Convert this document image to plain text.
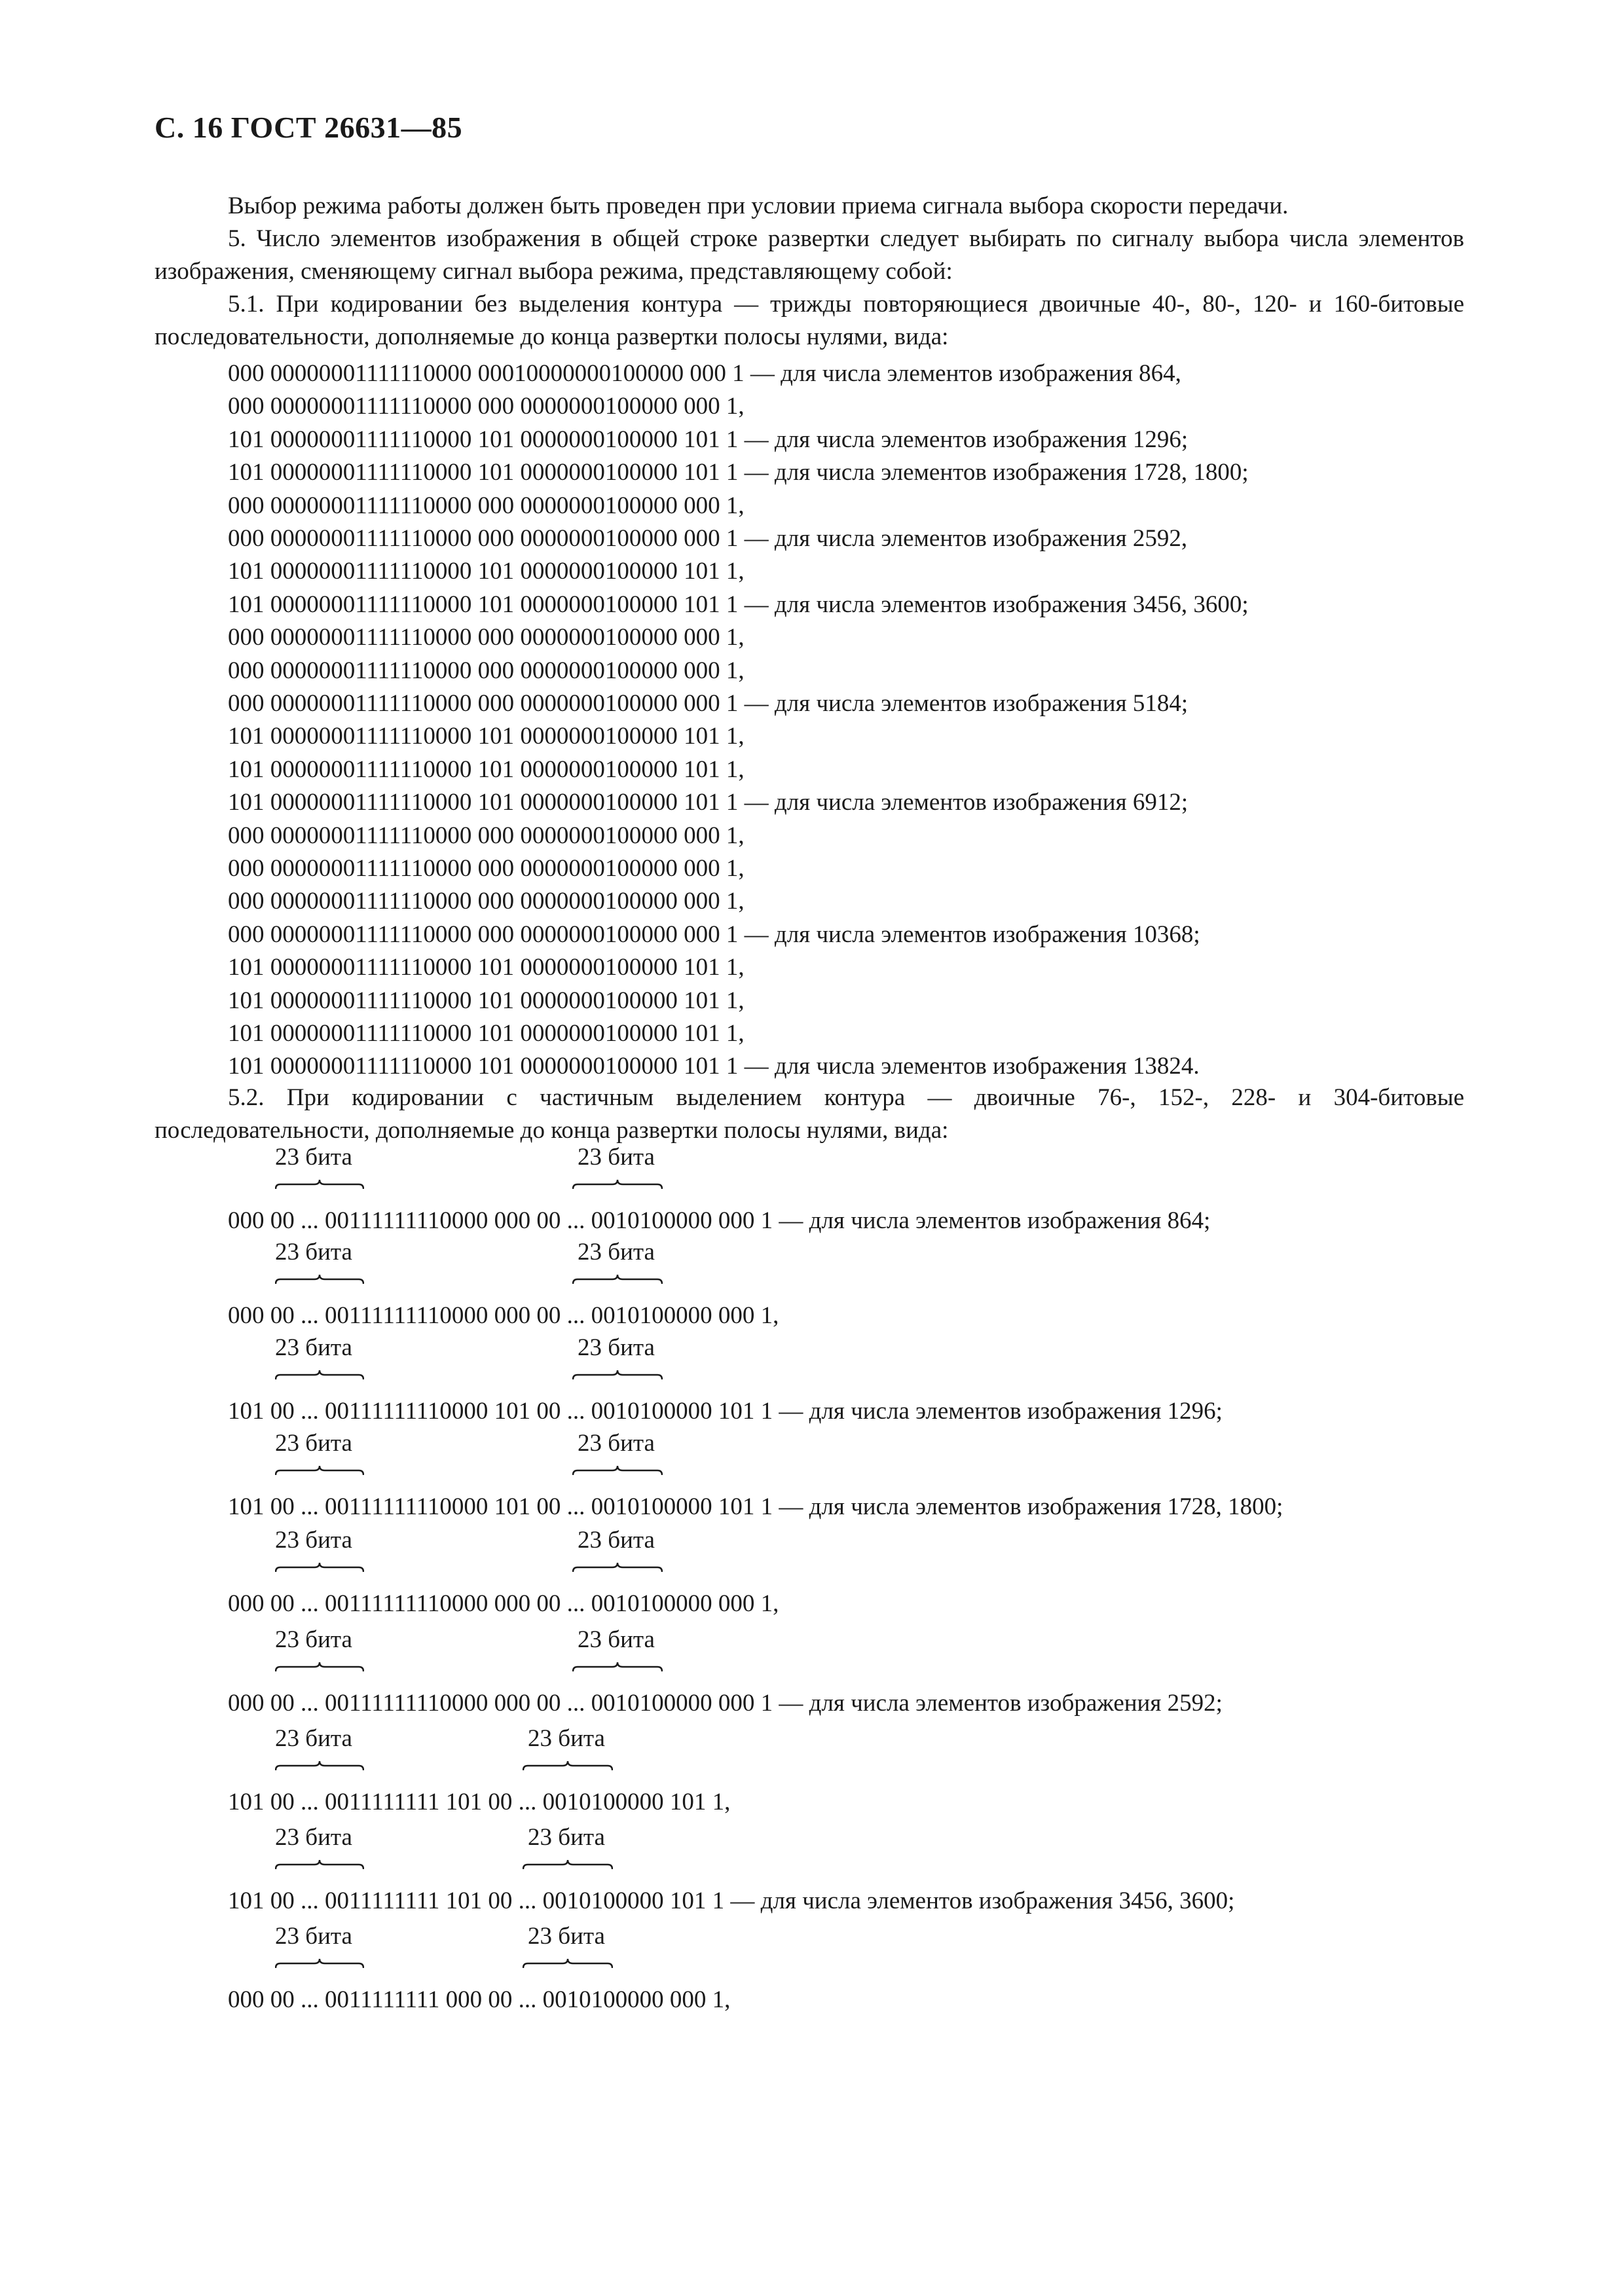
С. 16 ГОСТ 26631—85
Выбор режима работы должен быть проведен при условии приема сигнала выбора скорости передачи.
5. Число элементов изображения в общей строке развертки следует выбирать по сигналу выбора числа элементов изображения, сменяющему сигнал выбора режима, представляющему собой:
5.1. При кодировании без выделения контура — трижды повторяющиеся двоичные 40-, 80-, 120- и 160-битовые последовательности, дополняемые до конца развертки полосы нулями, вида:
000 00000001111110000 00010000000100000 000 1 — для числа элементов изображения 864,
000 00000001111110000 000 0000000100000 000 1,
101 00000001111110000 101 0000000100000 101 1 — для числа элементов изображения 1296;
101 00000001111110000 101 0000000100000 101 1 — для числа элементов изображения 1728, 1800;
000 00000001111110000 000 0000000100000 000 1,
000 00000001111110000 000 0000000100000 000 1 — для числа элементов изображения 2592,
101 00000001111110000 101 0000000100000 101 1,
101 00000001111110000 101 0000000100000 101 1 — для числа элементов изображения 3456, 3600;
000 00000001111110000 000 0000000100000 000 1,
000 00000001111110000 000 0000000100000 000 1,
000 00000001111110000 000 0000000100000 000 1 — для числа элементов изображения 5184;
101 00000001111110000 101 0000000100000 101 1,
101 00000001111110000 101 0000000100000 101 1,
101 00000001111110000 101 0000000100000 101 1 — для числа элементов изображения 6912;
000 00000001111110000 000 0000000100000 000 1,
000 00000001111110000 000 0000000100000 000 1,
000 00000001111110000 000 0000000100000 000 1,
000 00000001111110000 000 0000000100000 000 1 — для числа элементов изображения 10368;
101 00000001111110000 101 0000000100000 101 1,
101 00000001111110000 101 0000000100000 101 1,
101 00000001111110000 101 0000000100000 101 1,
101 00000001111110000 101 0000000100000 101 1 — для числа элементов изображения 13824.
5.2. При кодировании с частичным выделением контура — двоичные 76-, 152-, 228- и 304-битовые последовательности, дополняемые до конца развертки полосы нулями, вида:
23 бита	23 бита
000 00 ... 00111111110000 000 00 ... 0010100000 000 1 — для числа элементов изображения 864;
23 бита	23 бита
000 00 ... 00111111110000 000 00 ... 0010100000 000 1,
23 бита	23 бита
101 00 ... 00111111110000 101 00 ... 0010100000 101 1 — для числа элементов изображения 1296;
23 бита	23 бита
101 00 ... 00111111110000 101 00 ... 0010100000 101 1 — для числа элементов изображения 1728, 1800;
23 бита	23 бита
000 00 ... 00111111110000 000 00 ... 0010100000 000 1,
23 бита	23 бита
000 00 ... 00111111110000 000 00 ... 0010100000 000 1 — для числа элементов изображения 2592;
23 бита	23 бита
101 00 ... 0011111111 101 00 ... 0010100000 101 1,
23 бита	23 бита
101 00 ... 0011111111 101 00 ... 0010100000 101 1 — для числа элементов изображения 3456, 3600;
23 бита	23 бита
000 00 ... 0011111111 000 00 ... 0010100000 000 1,
